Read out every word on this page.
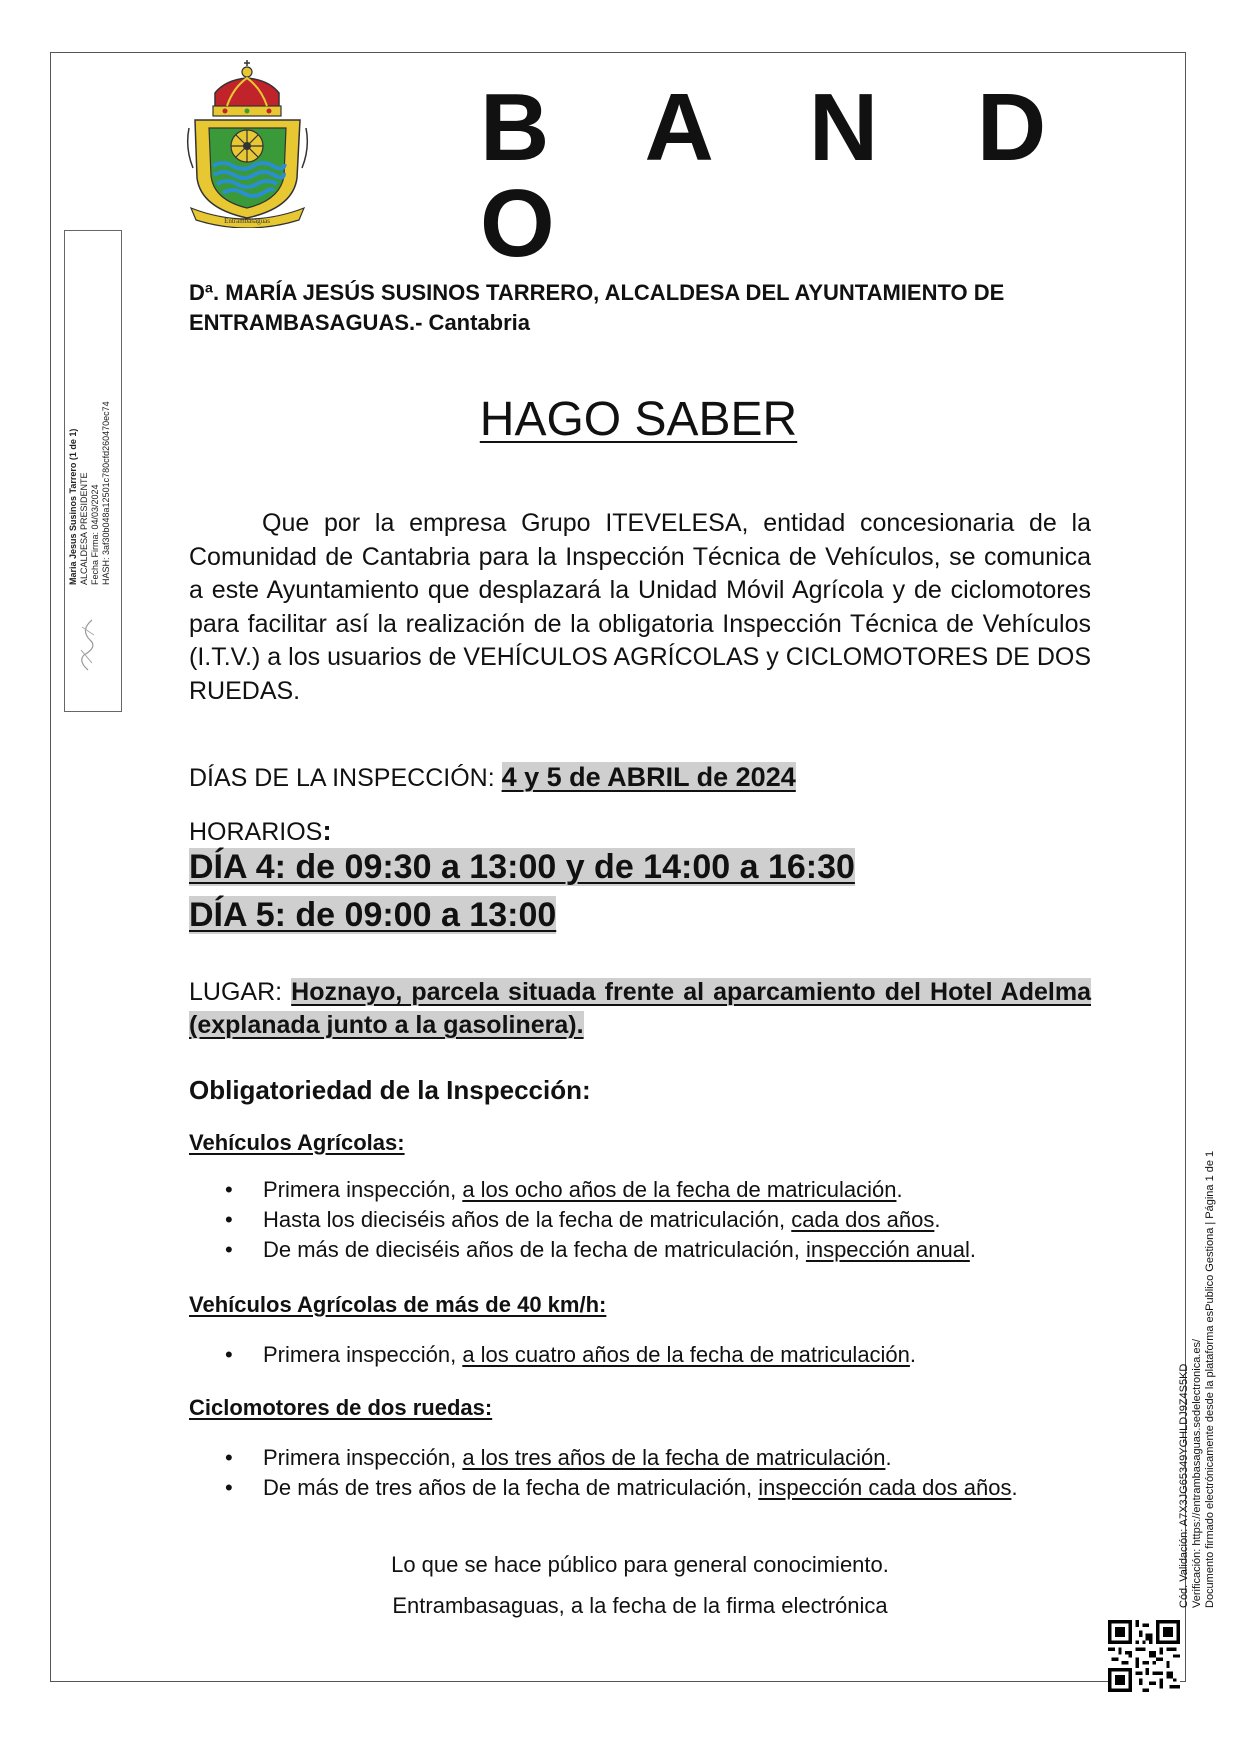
Entrambasaguas
B A N D O
Maria Jesus Susinos Tarrero (1 de 1) ALCALDESA PRESIDENTE Fecha Firma: 04/03/2024 HASH: 3af30b048a12501c780cfd260470ec74
Dª. MARÍA JESÚS SUSINOS TARRERO, ALCALDESA DEL AYUNTAMIENTO DE ENTRAMBASAGUAS.- Cantabria
HAGO SABER
Que por la empresa Grupo ITEVELESA, entidad concesionaria de la Comunidad de Cantabria para la Inspección Técnica de Vehículos, se comunica a este Ayuntamiento que desplazará la Unidad Móvil Agrícola y de ciclomotores para facilitar así la realización de la obligatoria Inspección Técnica de Vehículos (I.T.V.) a los usuarios de VEHÍCULOS AGRÍCOLAS y CICLOMOTORES DE DOS RUEDAS.
DÍAS DE LA INSPECCIÓN: 4 y 5 de ABRIL de 2024
HORARIOS:
DÍA 4: de 09:30 a 13:00 y de 14:00 a 16:30
DÍA 5: de 09:00 a 13:00
LUGAR: Hoznayo, parcela situada frente al aparcamiento del Hotel Adelma (explanada junto a la gasolinera).
Obligatoriedad de la Inspección:
Vehículos Agrícolas:
• Primera inspección, a los ocho años de la fecha de matriculación.
• Hasta los dieciséis años de la fecha de matriculación, cada dos años.
• De más de dieciséis años de la fecha de matriculación, inspección anual.
Vehículos Agrícolas de más de 40 km/h:
• Primera inspección, a los cuatro años de la fecha de matriculación.
Ciclomotores de dos ruedas:
• Primera inspección, a los tres años de la fecha de matriculación.
• De más de tres años de la fecha de matriculación, inspección cada dos años.
Lo que se hace público para general conocimiento.
Entrambasaguas, a la fecha de la firma electrónica	Cód. Validación: A7X3JG65349YGHLDJ9Z4S5KD Verificación: https://entrambasaguas.sedelectronica.es/ Documento firmado electrónicamente desde la plataforma esPublico Gestiona | Página 1 de 1
